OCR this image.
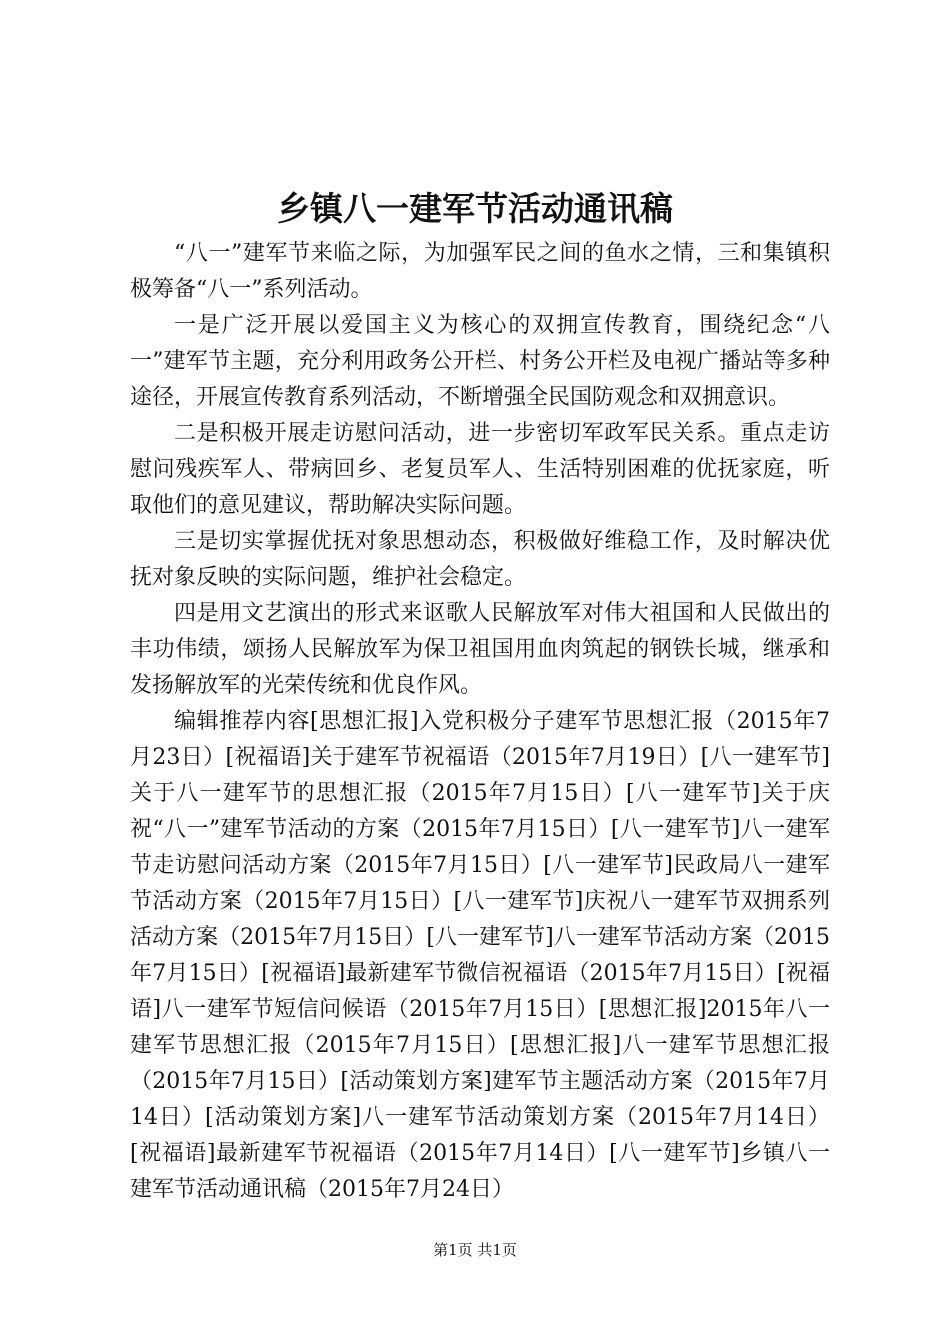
乡镇八一建军节活动通讯稿

“八一”建军节来临之际，为加强军民之间的鱼水之情，三和集镇积极筹备“八一”系列活动。

一是广泛开展以爱国主义为核心的双拥宣传教育，围绕纪念“八一”建军节主题，充分利用政务公开栏、村务公开栏及电视广播站等多种途径，开展宣传教育系列活动，不断增强全民国防观念和双拥意识。

二是积极开展走访慰问活动，进一步密切军政军民关系。重点走访慰问残疾军人、带病回乡、老复员军人、生活特别困难的优抚家庭，听取他们的意见建议，帮助解决实际问题。

三是切实掌握优抚对象思想动态，积极做好维稳工作，及时解决优抚对象反映的实际问题，维护社会稳定。

四是用文艺演出的形式来讴歌人民解放军对伟大祖国和人民做出的丰功伟绩，颂扬人民解放军为保卫祖国用血肉筑起的钢铁长城，继承和发扬解放军的光荣传统和优良作风。

编辑推荐内容[思想汇报]入党积极分子建军节思想汇报（2015年7月23日）[祝福语]关于建军节祝福语（2015年7月19日）[八一建军节]关于八一建军节的思想汇报（2015年7月15日）[八一建军节]关于庆祝“八一”建军节活动的方案（2015年7月15日）[八一建军节]八一建军节走访慰问活动方案（2015年7月15日）[八一建军节]民政局八一建军节活动方案（2015年7月15日）[八一建军节]庆祝八一建军节双拥系列活动方案（2015年7月15日）[八一建军节]八一建军节活动方案（2015年7月15日）[祝福语]最新建军节微信祝福语（2015年7月15日）[祝福语]八一建军节短信问候语（2015年7月15日）[思想汇报]2015年八一建军节思想汇报（2015年7月15日）[思想汇报]八一建军节思想汇报（2015年7月15日）[活动策划方案]建军节主题活动方案（2015年7月14日）[活动策划方案]八一建军节活动策划方案（2015年7月14日）[祝福语]最新建军节祝福语（2015年7月14日）[八一建军节]乡镇八一建军节活动通讯稿（2015年7月24日）

第1页 共1页
